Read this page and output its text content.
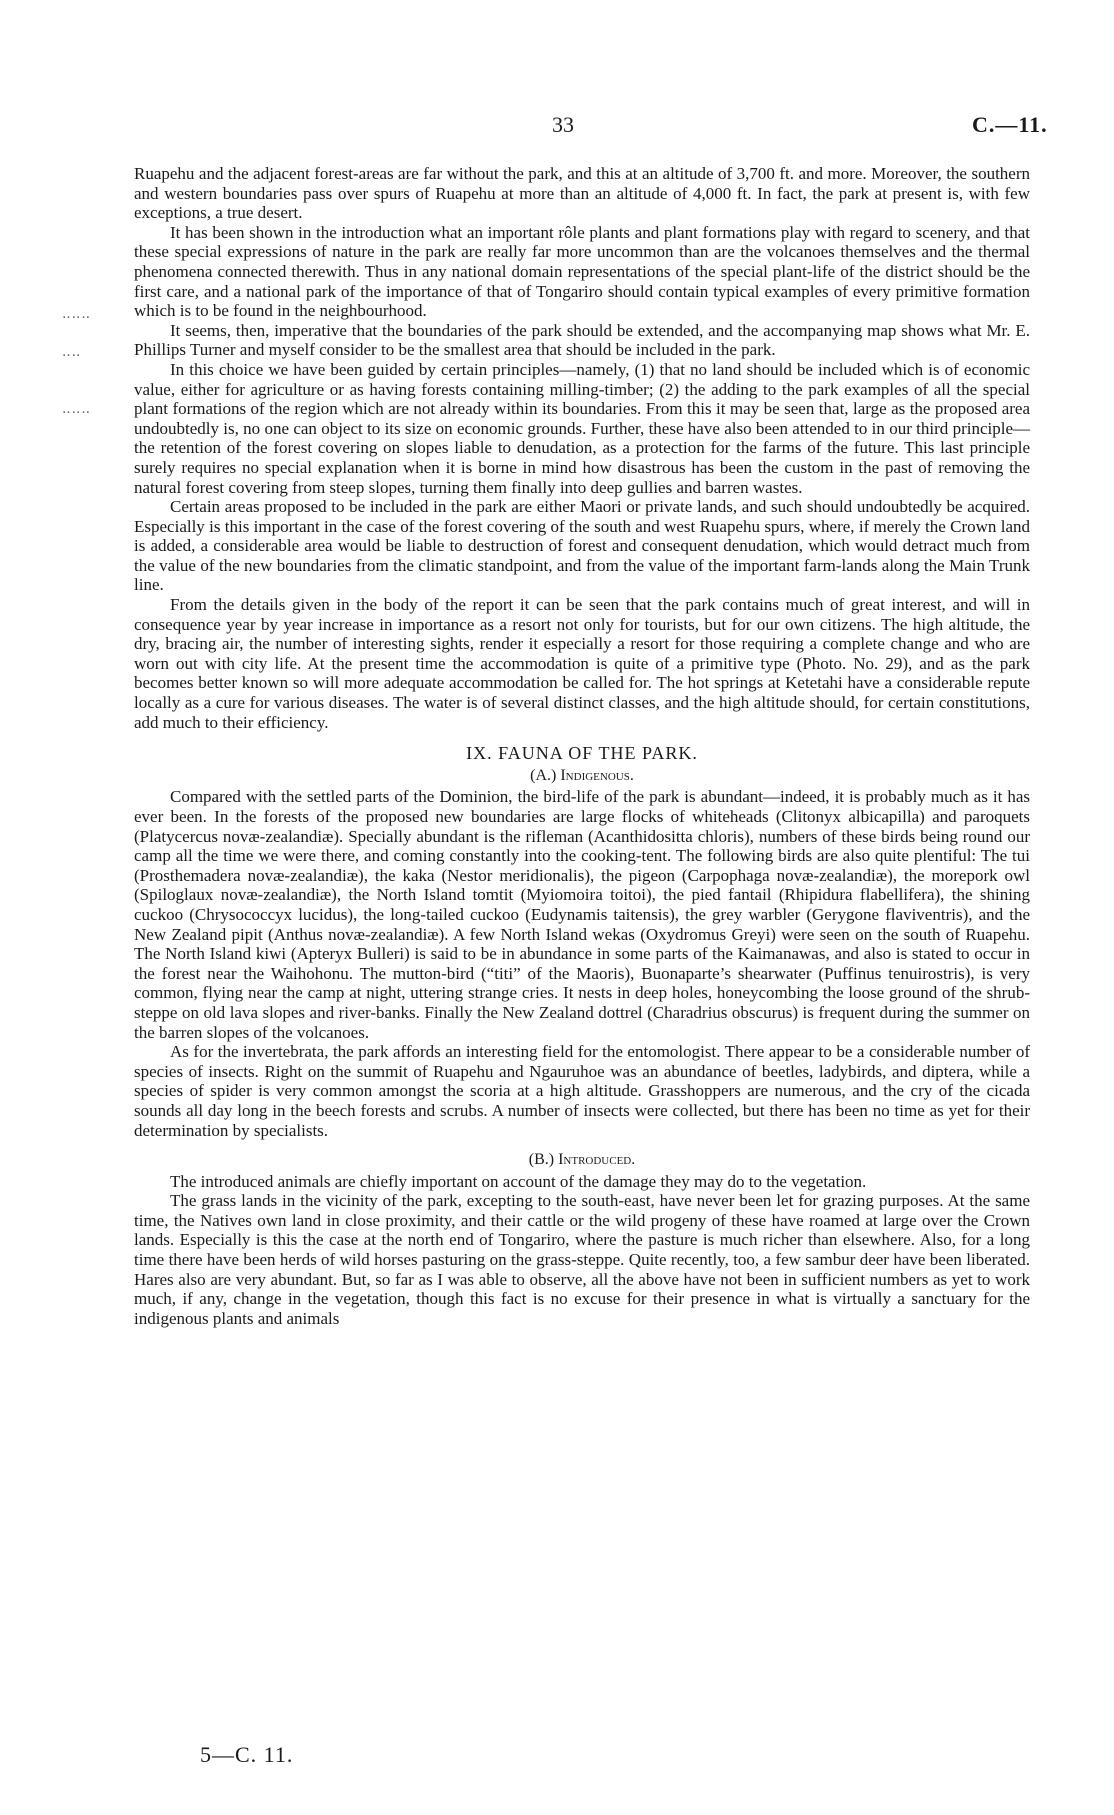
33	C.—11.
‥‥‥
‥‥
‥‥‥

Ruapehu and the adjacent forest-areas are far without the park, and this at an altitude of 3,700 ft. and more. Moreover, the southern and western boundaries pass over spurs of Ruapehu at more than an altitude of 4,000 ft. In fact, the park at present is, with few exceptions, a true desert.

It has been shown in the introduction what an important rôle plants and plant formations play with regard to scenery, and that these special expressions of nature in the park are really far more uncommon than are the volcanoes themselves and the thermal phenomena connected therewith. Thus in any national domain representations of the special plant-life of the district should be the first care, and a national park of the importance of that of Tongariro should contain typical examples of every primitive formation which is to be found in the neighbourhood.

It seems, then, imperative that the boundaries of the park should be extended, and the accompanying map shows what Mr. E. Phillips Turner and myself consider to be the smallest area that should be included in the park.

In this choice we have been guided by certain principles—namely, (1) that no land should be included which is of economic value, either for agriculture or as having forests containing milling-timber; (2) the adding to the park examples of all the special plant formations of the region which are not already within its boundaries. From this it may be seen that, large as the proposed area undoubtedly is, no one can object to its size on economic grounds. Further, these have also been attended to in our third principle—the retention of the forest covering on slopes liable to denudation, as a protection for the farms of the future. This last principle surely requires no special explanation when it is borne in mind how disastrous has been the custom in the past of removing the natural forest covering from steep slopes, turning them finally into deep gullies and barren wastes.

Certain areas proposed to be included in the park are either Maori or private lands, and such should undoubtedly be acquired. Especially is this important in the case of the forest covering of the south and west Ruapehu spurs, where, if merely the Crown land is added, a considerable area would be liable to destruction of forest and consequent denudation, which would detract much from the value of the new boundaries from the climatic standpoint, and from the value of the important farm-lands along the Main Trunk line.

From the details given in the body of the report it can be seen that the park contains much of great interest, and will in consequence year by year increase in importance as a resort not only for tourists, but for our own citizens. The high altitude, the dry, bracing air, the number of interesting sights, render it especially a resort for those requiring a complete change and who are worn out with city life. At the present time the accommodation is quite of a primitive type (Photo. No. 29), and as the park becomes better known so will more adequate accommodation be called for. The hot springs at Ketetahi have a considerable repute locally as a cure for various diseases. The water is of several distinct classes, and the high altitude should, for certain constitutions, add much to their efficiency.

IX. FAUNA OF THE PARK.
(A.) Indigenous.

Compared with the settled parts of the Dominion, the bird-life of the park is abundant—indeed, it is probably much as it has ever been. In the forests of the proposed new boundaries are large flocks of whiteheads (Clitonyx albicapilla) and paroquets (Platycercus novæ-zealandiæ). Specially abundant is the rifleman (Acanthidositta chloris), numbers of these birds being round our camp all the time we were there, and coming constantly into the cooking-tent. The following birds are also quite plentiful: The tui (Prosthemadera novæ-zealandiæ), the kaka (Nestor meridionalis), the pigeon (Carpophaga novæ-zealandiæ), the morepork owl (Spiloglaux novæ-zealandiæ), the North Island tomtit (Myiomoira toitoi), the pied fantail (Rhipidura flabellifera), the shining cuckoo (Chrysococcyx lucidus), the long-tailed cuckoo (Eudynamis taitensis), the grey warbler (Gerygone flaviventris), and the New Zealand pipit (Anthus novæ-zealandiæ). A few North Island wekas (Oxydromus Greyi) were seen on the south of Ruapehu. The North Island kiwi (Apteryx Bulleri) is said to be in abundance in some parts of the Kaimanawas, and also is stated to occur in the forest near the Waihohonu. The mutton-bird (“titi” of the Maoris), Buonaparte’s shearwater (Puffinus tenuirostris), is very common, flying near the camp at night, uttering strange cries. It nests in deep holes, honeycombing the loose ground of the shrub-steppe on old lava slopes and river-banks. Finally the New Zealand dottrel (Charadrius obscurus) is frequent during the summer on the barren slopes of the volcanoes.

As for the invertebrata, the park affords an interesting field for the entomologist. There appear to be a considerable number of species of insects. Right on the summit of Ruapehu and Ngauruhoe was an abundance of beetles, ladybirds, and diptera, while a species of spider is very common amongst the scoria at a high altitude. Grasshoppers are numerous, and the cry of the cicada sounds all day long in the beech forests and scrubs. A number of insects were collected, but there has been no time as yet for their determination by specialists.

(B.) Introduced.

The introduced animals are chiefly important on account of the damage they may do to the vegetation.

The grass lands in the vicinity of the park, excepting to the south-east, have never been let for grazing purposes. At the same time, the Natives own land in close proximity, and their cattle or the wild progeny of these have roamed at large over the Crown lands. Especially is this the case at the north end of Tongariro, where the pasture is much richer than elsewhere. Also, for a long time there have been herds of wild horses pasturing on the grass-steppe. Quite recently, too, a few sambur deer have been liberated. Hares also are very abundant. But, so far as I was able to observe, all the above have not been in sufficient numbers as yet to work much, if any, change in the vegetation, though this fact is no excuse for their presence in what is virtually a sanctuary for the indigenous plants and animals

5—C. 11.
